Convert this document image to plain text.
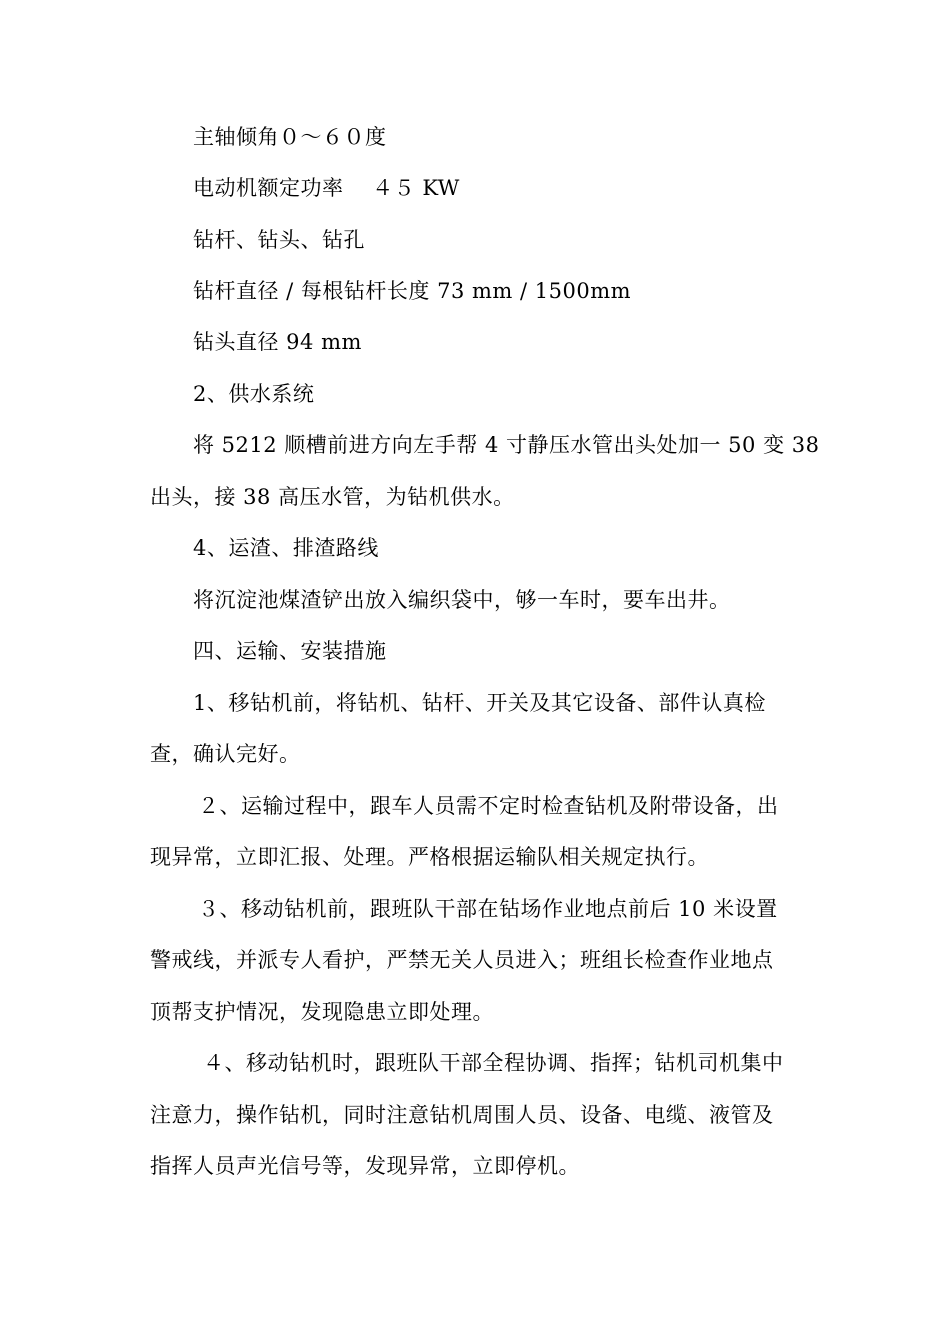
主轴倾角０～６０度
电动机额定功率　 ４５ KW
钻杆、钻头、钻孔
钻杆直径 / 每根钻杆长度 73 mm / 1500mm
钻头直径 94 mm
2、供水系统
将 5212 顺槽前进方向左手帮 4 寸静压水管出头处加一 50 变 38
出头，接 38 高压水管，为钻机供水。
4、运渣、排渣路线
将沉淀池煤渣铲出放入编织袋中，够一车时，要车出井。
四、运输、安装措施
1、移钻机前，将钻机、钻杆、开关及其它设备、部件认真检
查，确认完好。
２、运输过程中，跟车人员需不定时检查钻机及附带设备，出
现异常，立即汇报、处理。严格根据运输队相关规定执行。
３、移动钻机前，跟班队干部在钻场作业地点前后 10 米设置
警戒线，并派专人看护，严禁无关人员进入；班组长检查作业地点
顶帮支护情况，发现隐患立即处理。
４、移动钻机时，跟班队干部全程协调、指挥；钻机司机集中
注意力，操作钻机，同时注意钻机周围人员、设备、电缆、液管及
指挥人员声光信号等，发现异常，立即停机。
